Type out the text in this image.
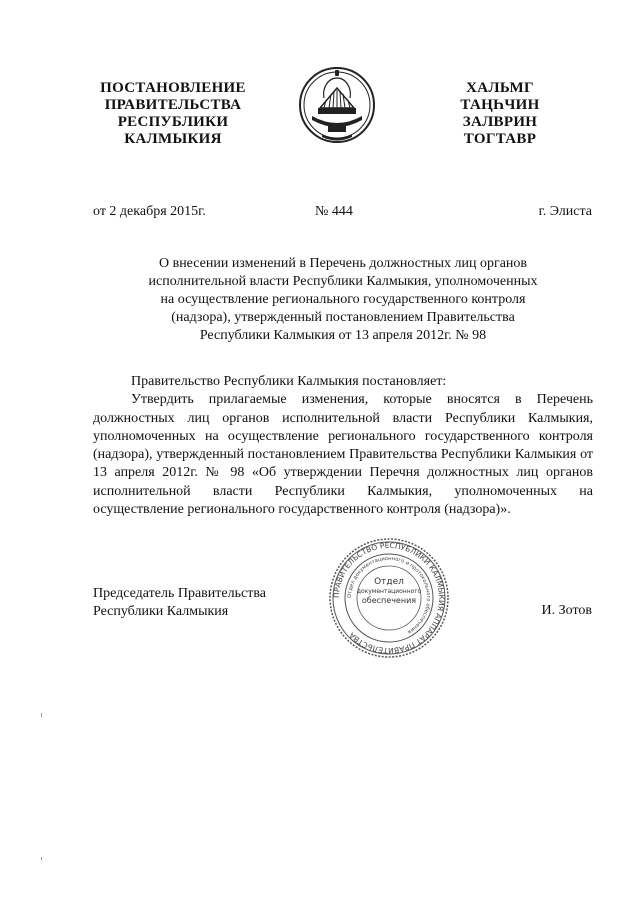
ПОСТАНОВЛЕНИЕ
ПРАВИТЕЛЬСТВА
РЕСПУБЛИКИ
КАЛМЫКИЯ
ХАЛЬМГ
ТАҢҺЧИН
ЗАЛВРИН
ТОГТАВР
от 2 декабря 2015г.	№ 444	г. Элиста
О внесении изменений в Перечень должностных лиц органов
исполнительной власти Республики Калмыкия, уполномоченных
на осуществление регионального государственного контроля
(надзора), утвержденный постановлением Правительства
Республики Калмыкия от 13 апреля 2012г. № 98

Правительство Республики Калмыкия постановляет:

Утвердить прилагаемые изменения, которые вносятся в Перечень должностных лиц органов исполнительной власти Республики Калмыкия, уполномоченных на осуществление регионального государственного контроля (надзора), утвержденный постановлением Правительства Республики Калмыкия от 13 апреля 2012г. № 98 «Об утверждении Перечня должностных лиц органов исполнительной власти Республики Калмыкия, уполномоченных на осуществление регионального государственного контроля (надзора)».

Председатель Правительства
Республики Калмыкия	И. Зотов
ПРАВИТЕЛЬСТВО РЕСПУБЛИКИ КАЛМЫКИЯ АППАРАТ ПРАВИТЕЛЬСТВА
Отдел документационного и протокольного обеспечения
Отдел
документационного
обеспечения
